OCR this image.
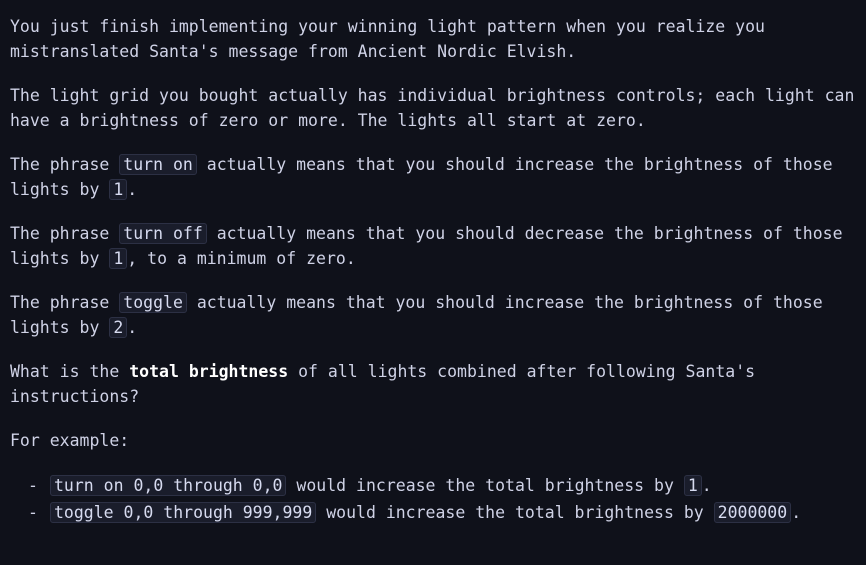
You just finish implementing your winning light pattern when you realize you mistranslated Santa's message from Ancient Nordic Elvish.

The light grid you bought actually has individual brightness controls; each light can have a brightness of zero or more. The lights all start at zero.

The phrase turn on actually means that you should increase the brightness of those lights by 1 .

The phrase turn off actually means that you should decrease the brightness of those lights by 1 , to a minimum of zero.

The phrase toggle actually means that you should increase the brightness of those lights by 2 .

What is the total brightness of all lights combined after following Santa's instructions?

For example:

- turn on 0,0 through 0,0 would increase the total brightness by 1 .
- toggle 0,0 through 999,999 would increase the total brightness by 2000000 .
